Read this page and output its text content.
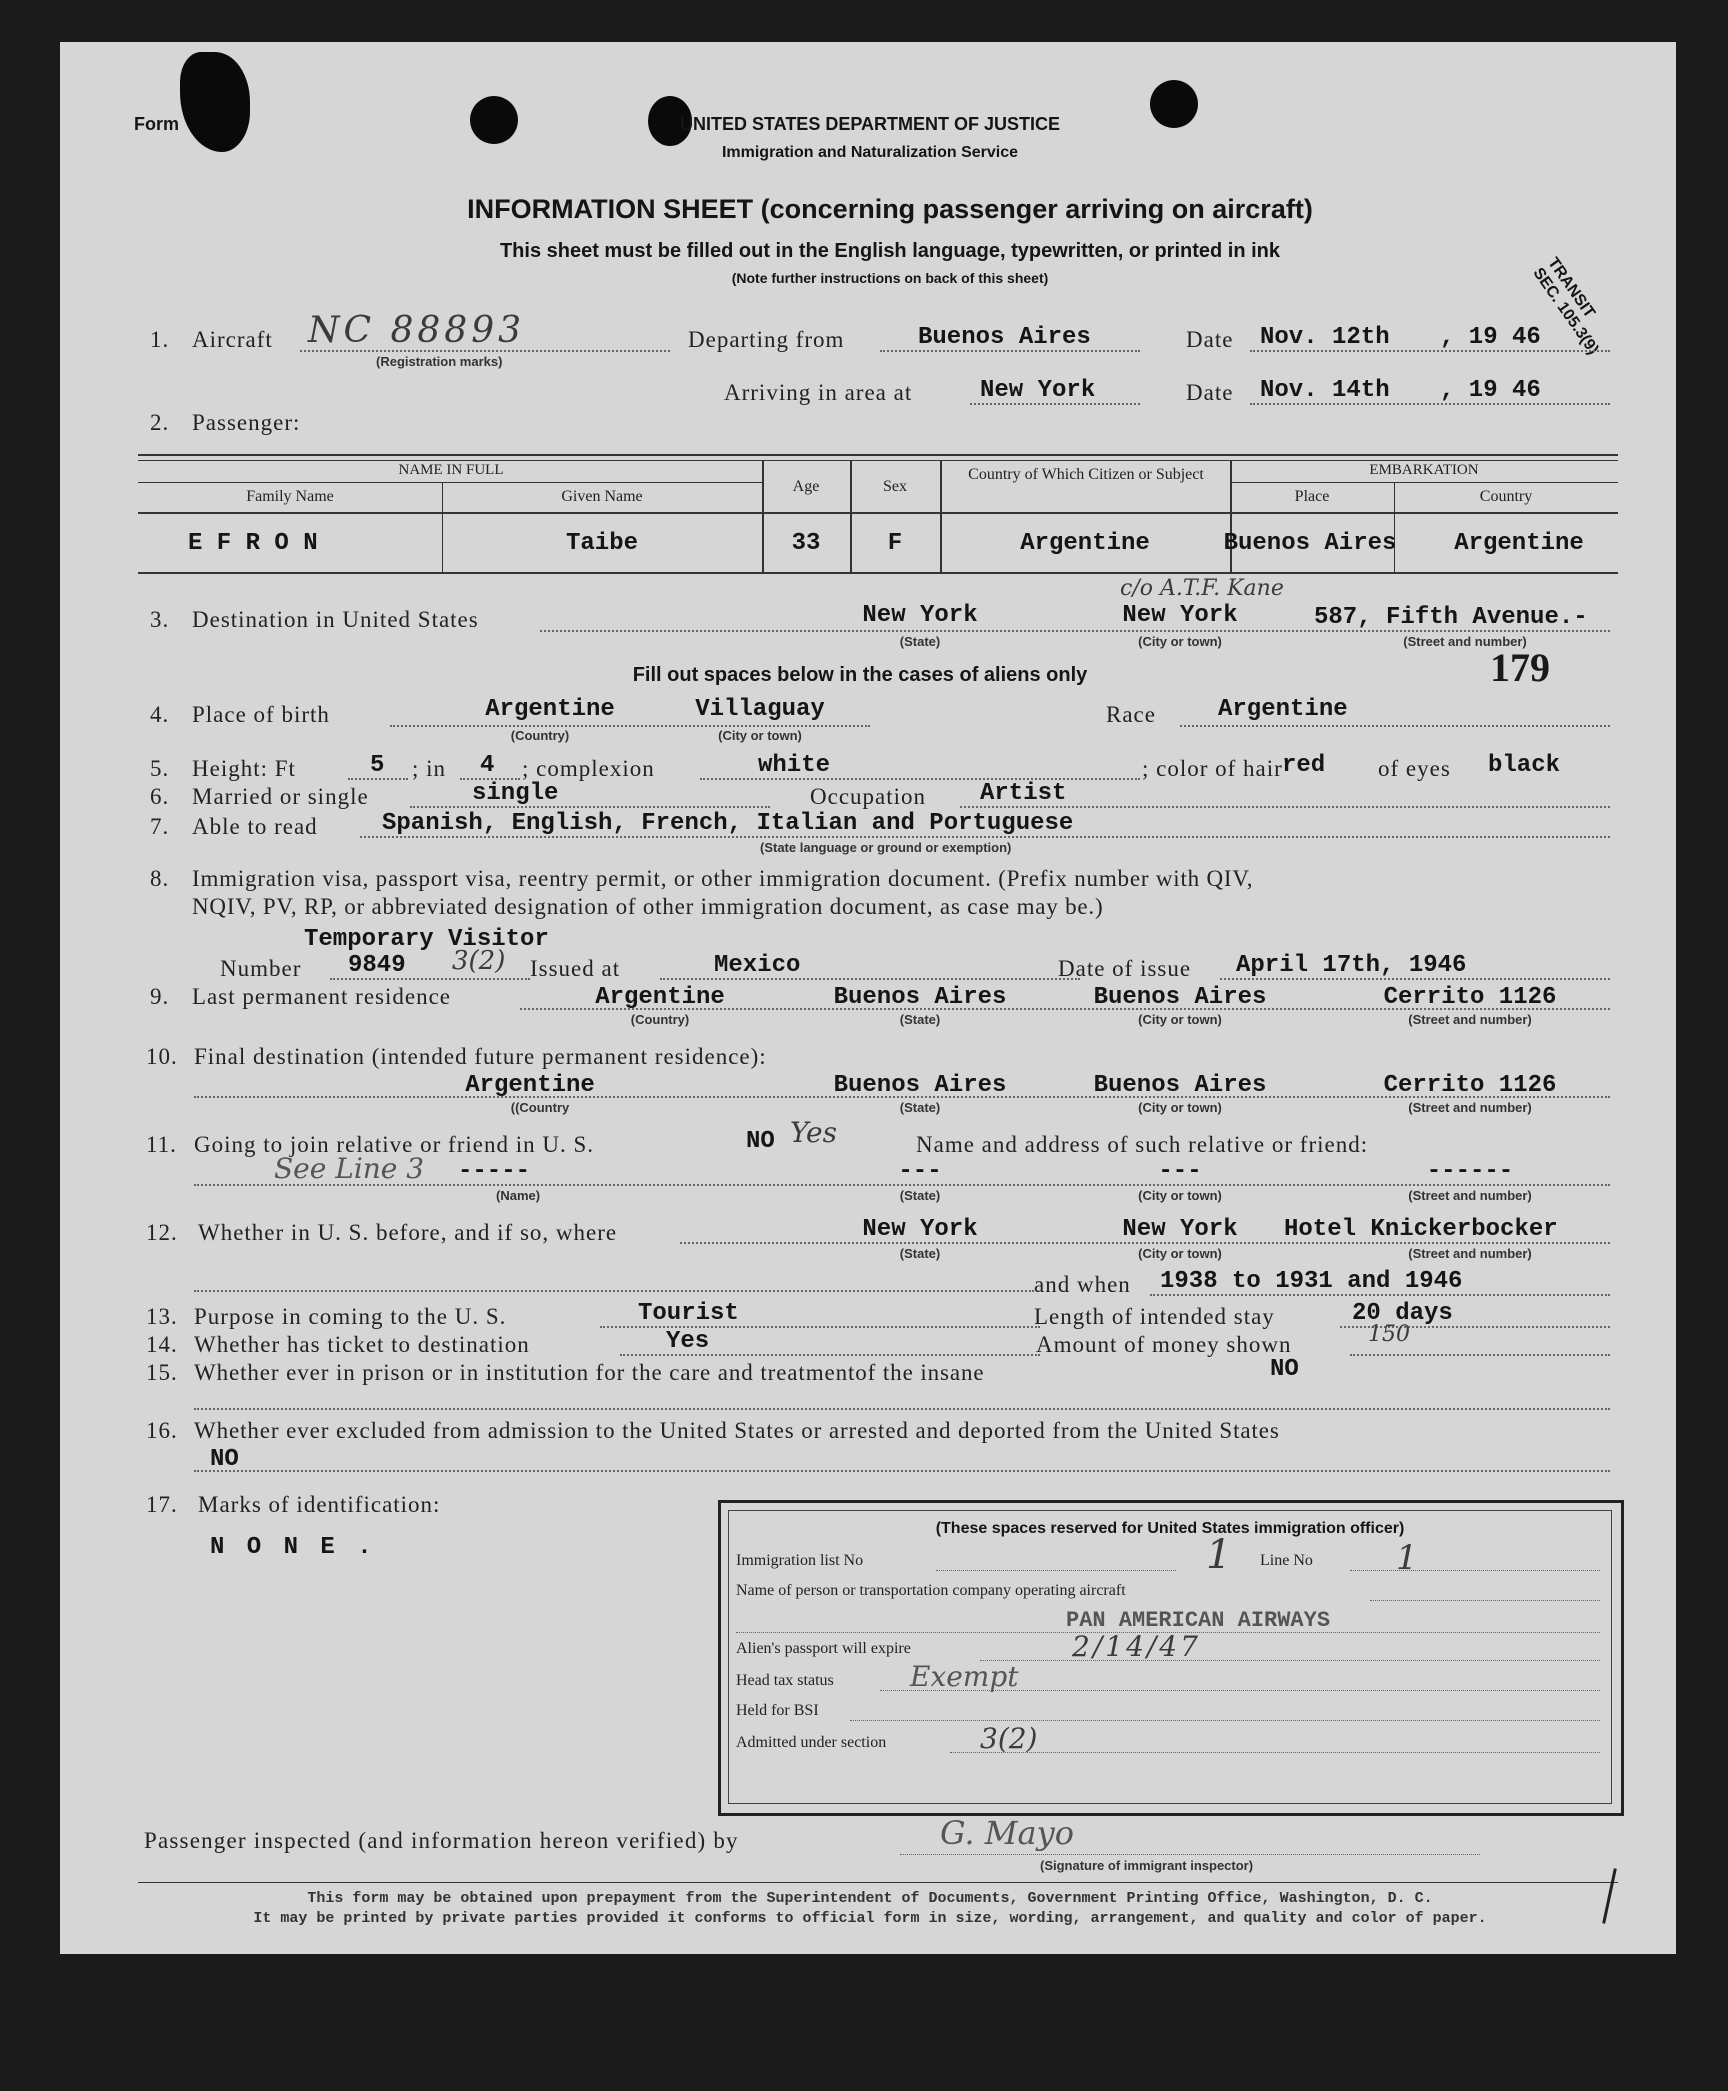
Form	UNITED STATES DEPARTMENT OF JUSTICE
Immigration and Naturalization Service
INFORMATION SHEET (concerning passenger arriving on aircraft)
This sheet must be filled out in the English language, typewritten, or printed in ink
(Note further instructions on back of this sheet)	TRANSIT SEC. 105.3(9)
1. Aircraft NC 88893
(Registration marks)
Departing from	Buenos Aires	Date Nov. 12th , 19 46
Arriving in area at	New York	Date Nov. 14th , 19 46
2. Passenger:
NAME IN FULL
Family Name	Given Name
Age	Sex
Country of Which Citizen or Subject	EMBARKATION
Place	Country
E F R O N	Taibe	33	F	Argentine	Buenos Aires	Argentine
3. Destination in United States
c/o A.T.F. Kane
New York	New York	587, Fifth Avenue.-
(State)	(City or town)	(Street and number)
Fill out spaces below in the cases of aliens only	179
4. Place of birth	Argentine	Villaguay
(Country)	(City or town)
Race	Argentine
5. Height: Ft	5 ; in 4 ; complexion	white	; color of hair red of eyes black
6. Married or single	single	Occupation Artist
7. Able to read	Spanish, English, French, Italian and Portuguese
(State language or ground or exemption)
8. Immigration visa, passport visa, reentry permit, or other immigration document. (Prefix number with QIV,
NQIV, PV, RP, or abbreviated designation of other immigration document, as case may be.)
Temporary Visitor
Number 9849 3(2) Issued at	Mexico	Date of issue April 17th, 1946
9. Last permanent residence	Argentine	Buenos Aires	Buenos Aires	Cerrito 1126
(Country)	(State)	(City or town)	(Street and number)
10. Final destination (intended future permanent residence):
Argentine	Buenos Aires	Buenos Aires	Cerrito 1126
((Country	(State)	(City or town)	(Street and number)
11. Going to join relative or friend in U. S.	NO Yes	Name and address of such relative or friend:
See Line 3 -----	---	---	------
(Name)	(State)	(City or town)	(Street and number)
12. Whether in U. S. before, and if so, where	New York	New York	Hotel Knickerbocker
(State)	(City or town)	(Street and number)
and when 1938 to 1931 and 1946
13. Purpose in coming to the U. S.	Tourist	Length of intended stay	20 days
14. Whether has ticket to destination	Yes	Amount of money shown	150
15. Whether ever in prison or in institution for the care and treatmentof the insane	NO
16. Whether ever excluded from admission to the United States or arrested and deported from the United States
NO
17. Marks of identification:
N O N E .
(These spaces reserved for United States immigration officer)
Immigration list No	1 Line No 1
Name of person or transportation company operating aircraft
PAN AMERICAN AIRWAYS
Alien's passport will expire	2/14/47
Head tax status	Exempt
Held for BSI
Admitted under section	3(2)
Passenger inspected (and information hereon verified) by	G. Mayo
(Signature of immigrant inspector)
This form may be obtained upon prepayment from the Superintendent of Documents, Government Printing Office, Washington, D. C.
It may be printed by private parties provided it conforms to official form in size, wording, arrangement, and quality and color of paper.
